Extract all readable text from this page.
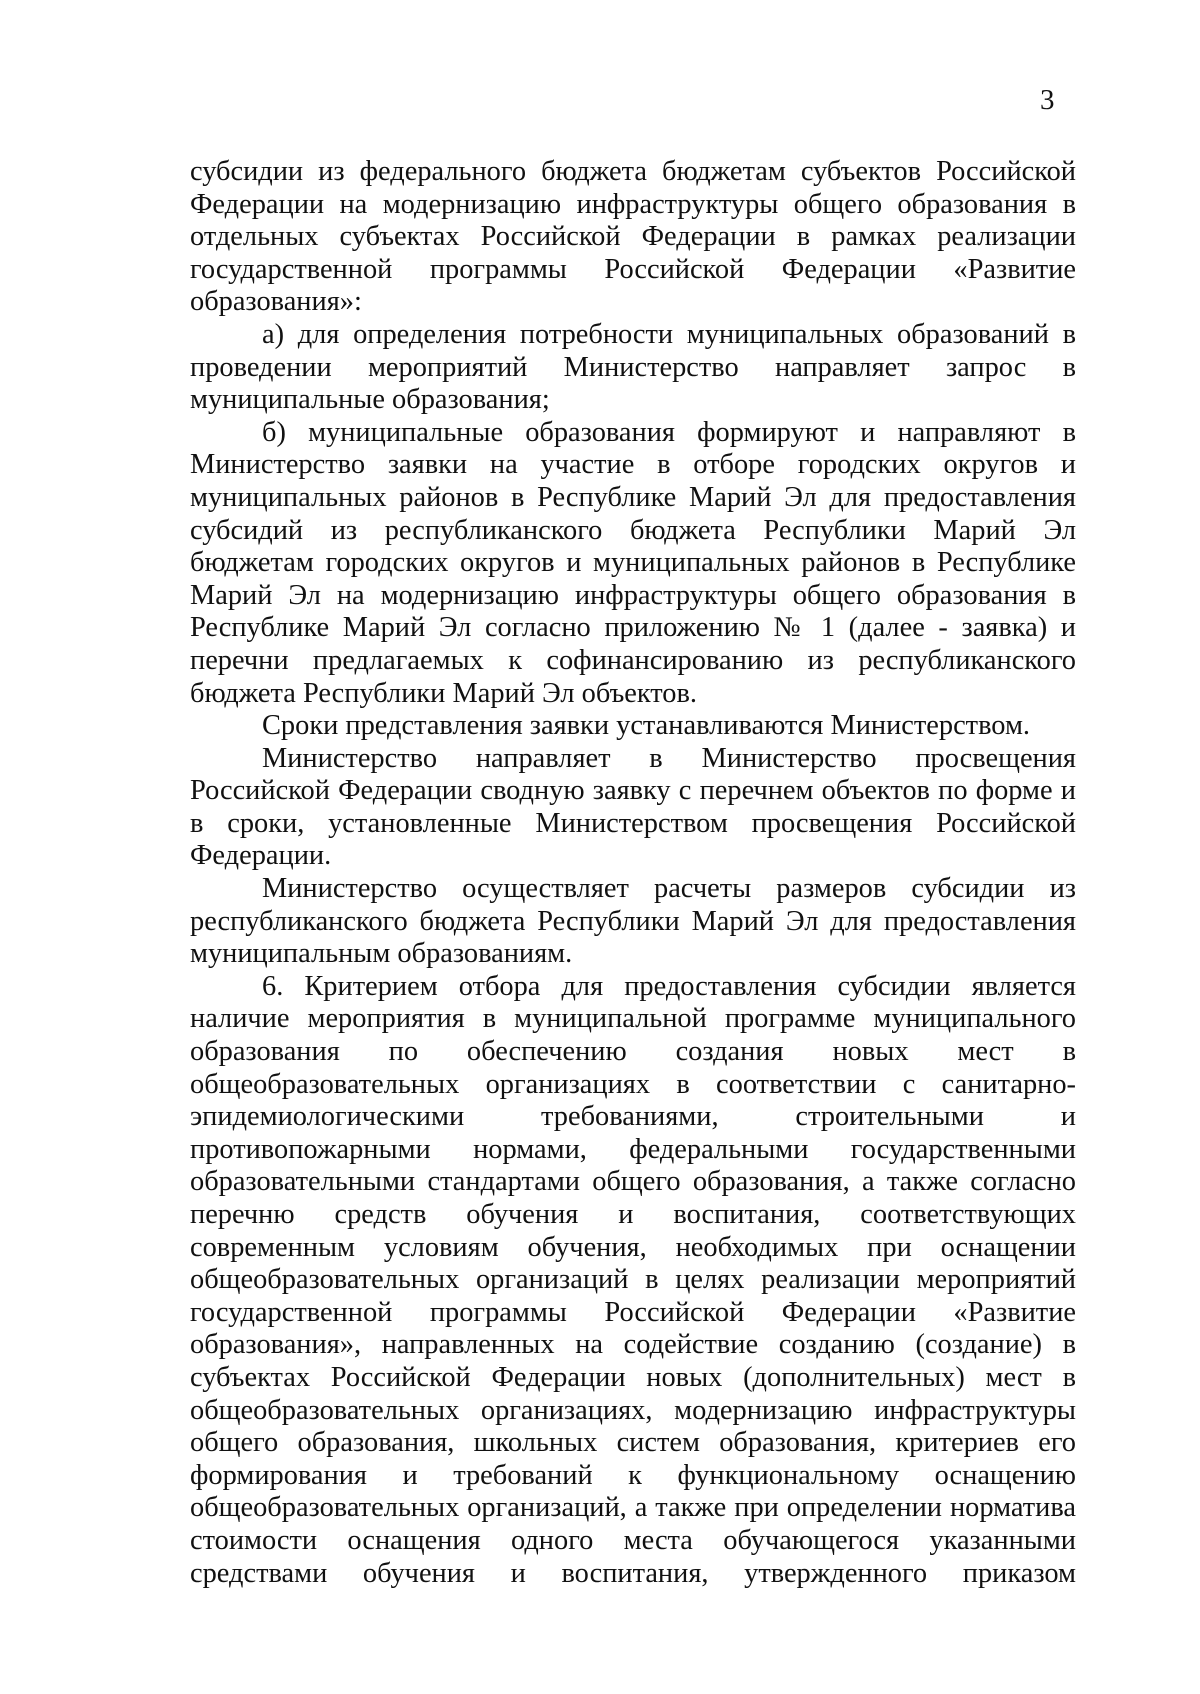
3

субсидии из федерального бюджета бюджетам субъектов Российской Федерации на модернизацию инфраструктуры общего образования в отдельных субъектах Российской Федерации в рамках реализации государственной программы Российской Федерации «Развитие образования»:

а) для определения потребности муниципальных образований в проведении мероприятий Министерство направляет запрос в муниципальные образования;

б) муниципальные образования формируют и направляют в Министерство заявки на участие в отборе городских округов и муниципальных районов в Республике Марий Эл для предоставления субсидий из республиканского бюджета Республики Марий Эл бюджетам городских округов и муниципальных районов в Республике Марий Эл на модернизацию инфраструктуры общего образования в Республике Марий Эл согласно приложению № 1 (далее - заявка) и перечни предлагаемых к софинансированию из республиканского бюджета Республики Марий Эл объектов.

Сроки представления заявки устанавливаются Министерством.

Министерство направляет в Министерство просвещения Российской Федерации сводную заявку с перечнем объектов по форме и в сроки, установленные Министерством просвещения Российской Федерации.

Министерство осуществляет расчеты размеров субсидии из республиканского бюджета Республики Марий Эл для предоставления муниципальным образованиям.

6. Критерием отбора для предоставления субсидии является наличие мероприятия в муниципальной программе муниципального образования по обеспечению создания новых мест в общеобразовательных организациях в соответствии с санитарно-эпидемиологическими требованиями, строительными и противопожарными нормами, федеральными государственными образовательными стандартами общего образования, а также согласно перечню средств обучения и воспитания, соответствующих современным условиям обучения, необходимых при оснащении общеобразовательных организаций в целях реализации мероприятий государственной программы Российской Федерации «Развитие образования», направленных на содействие созданию (создание) в субъектах Российской Федерации новых (дополнительных) мест в общеобразовательных организациях, модернизацию инфраструктуры общего образования, школьных систем образования, критериев его формирования и требований к функциональному оснащению общеобразовательных организаций, а также при определении норматива стоимости оснащения одного места обучающегося указанными средствами обучения и воспитания, утвержденного приказом
